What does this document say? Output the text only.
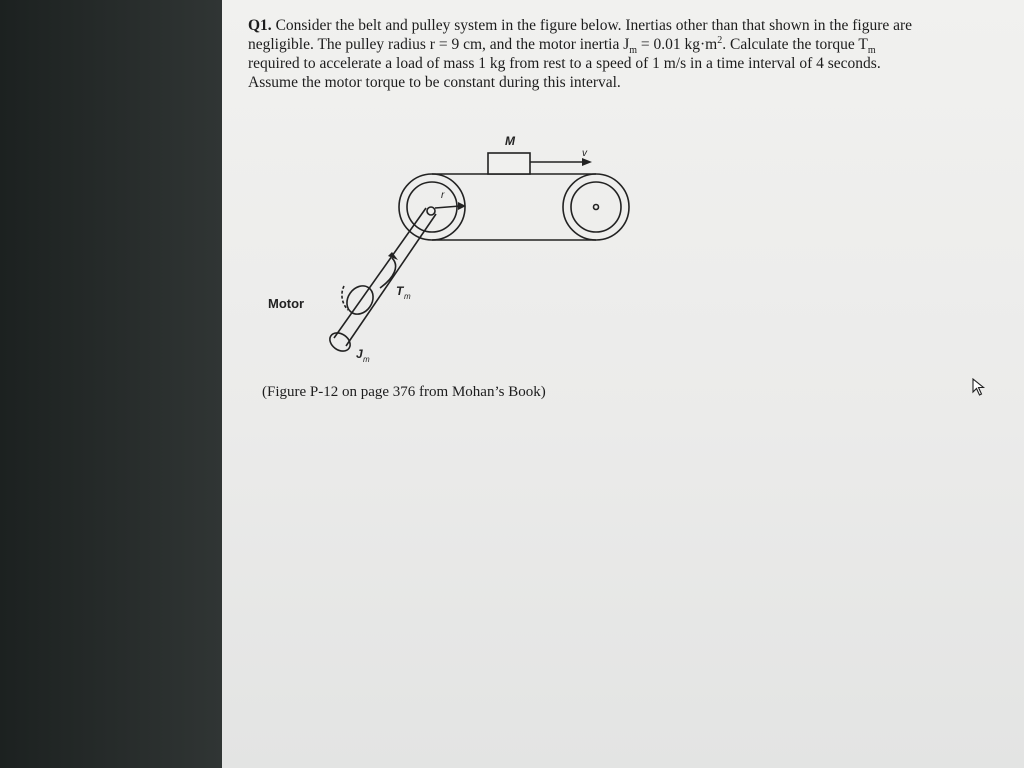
Q1. Consider the belt and pulley system in the figure below. Inertias other than that shown in the figure are
negligible. The pulley radius r = 9 cm, and the motor inertia $J_m = 0.01$ $kg\cdot m^2$. Calculate the torque $T_m$
required to accelerate a load of mass 1 kg from rest to a speed of 1 m/s in a time interval of 4 seconds.
Assume the motor torque to be constant during this interval.

M
v
r
T m
Motor
J m

(Figure P-12 on page 376 from Mohan’s Book)
